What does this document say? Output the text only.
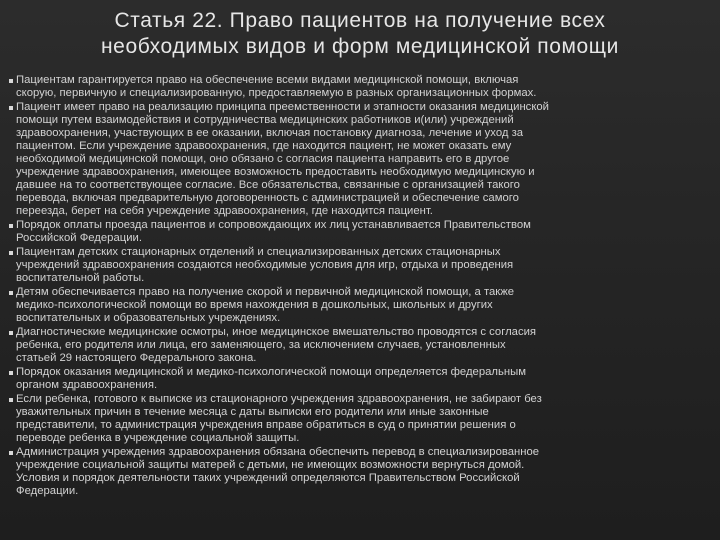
Статья 22. Право пациентов на получение всех
необходимых видов и форм медицинской помощи
Пациентам гарантируется право на обеспечение всеми видами медицинской помощи, включая
скорую, первичную и специализированную, предоставляемую в разных организационных формах.
Пациент имеет право на реализацию принципа преемственности и этапности оказания медицинской
помощи путем взаимодействия и сотрудничества медицинских работников и(или) учреждений
здравоохранения, участвующих в ее оказании, включая постановку диагноза, лечение и уход за
пациентом. Если учреждение здравоохранения, где находится пациент, не может оказать ему
необходимой медицинской помощи, оно обязано с согласия пациента направить его в другое
учреждение здравоохранения, имеющее возможность предоставить необходимую медицинскую и
давшее на то соответствующее согласие. Все обязательства, связанные с организацией такого
перевода, включая предварительную договоренность с администрацией и обеспечение самого
переезда, берет на себя учреждение здравоохранения, где находится пациент.
Порядок оплаты проезда пациентов и сопровождающих их лиц устанавливается Правительством
Российской Федерации.
Пациентам детских стационарных отделений и специализированных детских стационарных
учреждений здравоохранения создаются необходимые условия для игр, отдыха и проведения
воспитательной работы.
Детям обеспечивается право на получение скорой и первичной медицинской помощи, а также
медико-психологической помощи во время нахождения в дошкольных, школьных и других
воспитательных и образовательных учреждениях.
Диагностические медицинские осмотры, иное медицинское вмешательство проводятся с согласия
ребенка, его родителя или лица, его заменяющего, за исключением случаев, установленных
статьей 29 настоящего Федерального закона.
Порядок оказания медицинской и медико-психологической помощи определяется федеральным
органом здравоохранения.
Если ребенка, готового к выписке из стационарного учреждения здравоохранения, не забирают без
уважительных причин в течение месяца с даты выписки его родители или иные законные
представители, то администрация учреждения вправе обратиться в суд о принятии решения о
переводе ребенка в учреждение социальной защиты.
Администрация учреждения здравоохранения обязана обеспечить перевод в специализированное
учреждение социальной защиты матерей с детьми, не имеющих возможности вернуться домой.
Условия и порядок деятельности таких учреждений определяются Правительством Российской
Федерации.
